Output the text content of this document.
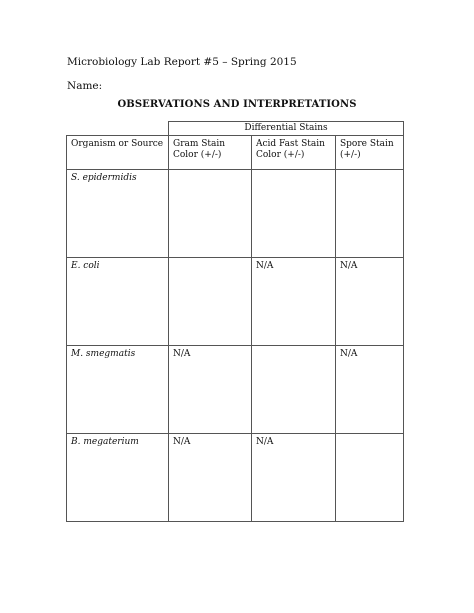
Microbiology Lab Report #5 – Spring 2015
Name:
OBSERVATIONS AND INTERPRETATIONS
	Differential Stains		
Organism or Source	Gram Stain Color (+/-)	Acid Fast Stain Color (+/-)	Spore Stain (+/-)
S. epidermidis			
E. coli		N/A	N/A
M. smegmatis	N/A		N/A
B. megaterium	N/A	N/A	
